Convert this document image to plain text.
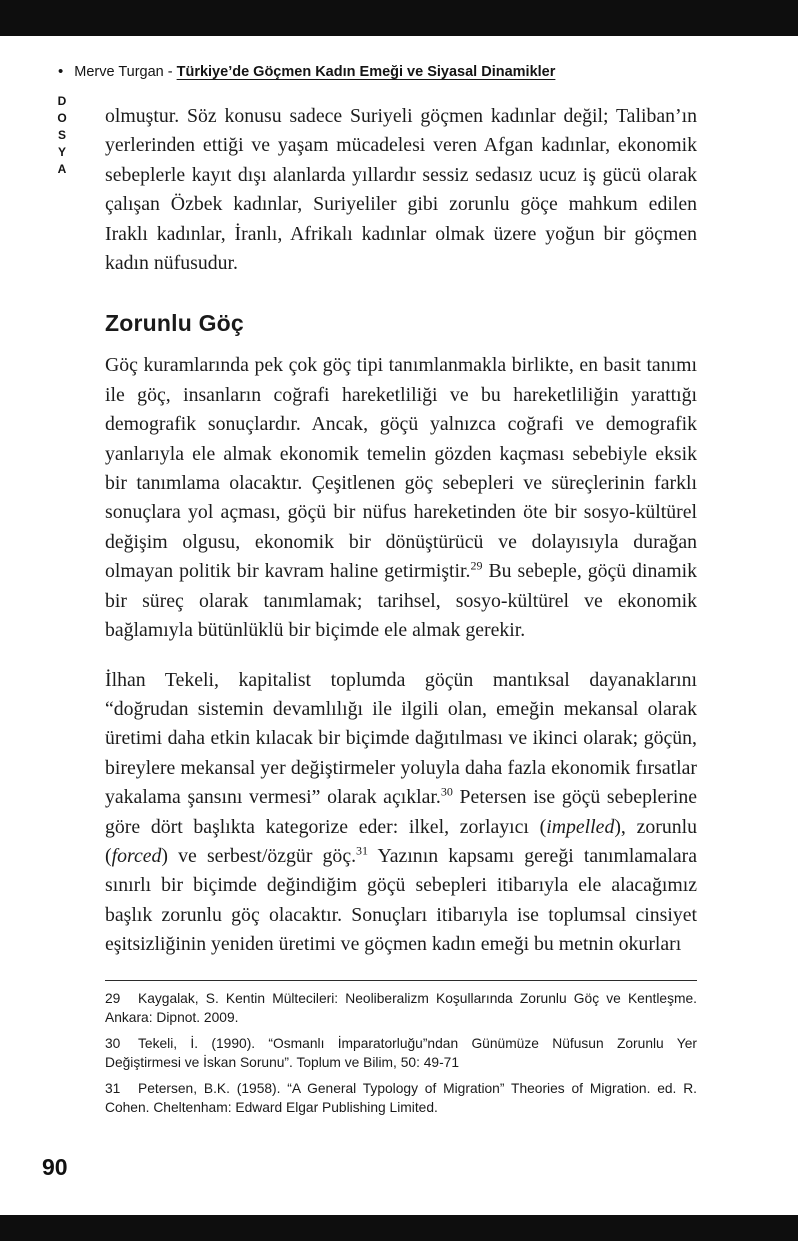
• Merve Turgan - Türkiye’de Göçmen Kadın Emeği ve Siyasal Dinamikler
DOSYA olmuştur. Söz konusu sadece Suriyeli göçmen kadınlar değil; Taliban’ın yerlerinden ettiği ve yaşam mücadelesi veren Afgan kadınlar, ekonomik sebeplerle kayıt dışı alanlarda yıllardır sessiz sedasız ucuz iş gücü olarak çalışan Özbek kadınlar, Suriyeliler gibi zorunlu göçe mahkum edilen Iraklı kadınlar, İranlı, Afrikalı kadınlar olmak üzere yoğun bir göçmen kadın nüfusudur.

Zorunlu Göç

Göç kuramlarında pek çok göç tipi tanımlanmakla birlikte, en basit tanımı ile göç, insanların coğrafi hareketliliği ve bu hareketliliğin yarattığı demografik sonuçlardır. Ancak, göçü yalnızca coğrafi ve demografik yanlarıyla ele almak ekonomik temelin gözden kaçması sebebiyle eksik bir tanımlama olacaktır. Çeşitlenen göç sebepleri ve süreçlerinin farklı sonuçlara yol açması, göçü bir nüfus hareketinden öte bir sosyo-kültürel değişim olgusu, ekonomik bir dönüştürücü ve dolayısıyla durağan olmayan politik bir kavram haline getirmiştir.$^{29}$ Bu sebeple, göçü dinamik bir süreç olarak tanımlamak; tarihsel, sosyo-kültürel ve ekonomik bağlamıyla bütünlüklü bir biçimde ele almak gerekir.

İlhan Tekeli, kapitalist toplumda göçün mantıksal dayanaklarını “doğrudan sistemin devamlılığı ile ilgili olan, emeğin mekansal olarak üretimi daha etkin kılacak bir biçimde dağıtılması ve ikinci olarak; göçün, bireylere mekansal yer değiştirmeler yoluyla daha fazla ekonomik fırsatlar yakalama şansını vermesi” olarak açıklar.$^{30}$ Petersen ise göçü sebeplerine göre dört başlıkta kategorize eder: ilkel, zorlayıcı (impelled), zorunlu (forced) ve serbest/özgür göç.$^{31}$ Yazının kapsamı gereği tanımlamalara sınırlı bir biçimde değindiğim göçü sebepleri itibarıyla ele alacağımız başlık zorunlu göç olacaktır. Sonuçları itibarıyla ise toplumsal cinsiyet eşitsizliğinin yeniden üretimi ve göçmen kadın emeği bu metnin okurları

29 Kaygalak, S. Kentin Mültecileri: Neoliberalizm Koşullarında Zorunlu Göç ve Kentleşme. Ankara: Dipnot. 2009.

30 Tekeli, İ. (1990). “Osmanlı İmparatorluğu”ndan Günümüze Nüfusun Zorunlu Yer Değiştirmesi ve İskan Sorunu”. Toplum ve Bilim, 50: 49-71

31 Petersen, B.K. (1958). “A General Typology of Migration” Theories of Migration. ed. R. Cohen. Cheltenham: Edward Elgar Publishing Limited.

90
